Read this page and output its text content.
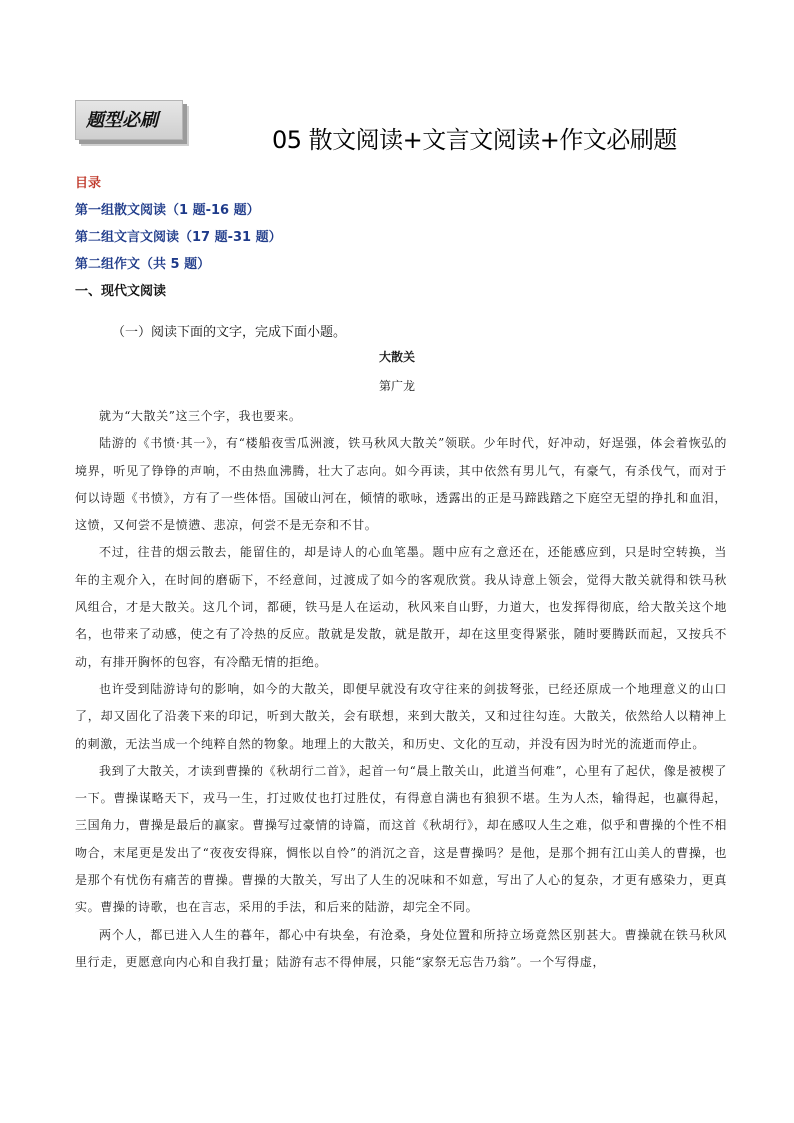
题型必刷
05 散文阅读+文言文阅读+作文必刷题
目录
第一组散文阅读（1 题-16 题）
第二组文言文阅读（17 题-31 题）
第二组作文（共 5 题）
一、现代文阅读
（一）阅读下面的文字，完成下面小题。
大散关
第广龙

就为“大散关”这三个字，我也要来。

陆游的《书愤·其一》，有“楼船夜雪瓜洲渡，铁马秋风大散关”领联。少年时代，好冲动，好逞强，体会着恢弘的境界，听见了铮铮的声响，不由热血沸腾，壮大了志向。如今再读，其中依然有男儿气，有豪气，有杀伐气，而对于何以诗题《书愤》，方有了一些体悟。国破山河在，倾情的歌咏，透露出的正是马蹄践踏之下庭空无望的挣扎和血泪，这愤，又何尝不是愤懑、悲凉，何尝不是无奈和不甘。

不过，往昔的烟云散去，能留住的，却是诗人的心血笔墨。题中应有之意还在，还能感应到，只是时空转换，当年的主观介入，在时间的磨砺下，不经意间，过渡成了如今的客观欣赏。我从诗意上领会，觉得大散关就得和铁马秋风组合，才是大散关。这几个词，都硬，铁马是人在运动，秋风来自山野，力道大，也发挥得彻底，给大散关这个地名，也带来了动感，使之有了冷热的反应。散就是发散，就是散开，却在这里变得紧张，随时要腾跃而起，又按兵不动，有排开胸怀的包容，有冷酷无情的拒绝。

也许受到陆游诗句的影响，如今的大散关，即便早就没有攻守往来的剑拔弩张，已经还原成一个地理意义的山口了，却又固化了沿袭下来的印记，听到大散关，会有联想，来到大散关，又和过往勾连。大散关，依然给人以精神上的刺激，无法当成一个纯粹自然的物象。地理上的大散关，和历史、文化的互动，并没有因为时光的流逝而停止。

我到了大散关，才读到曹操的《秋胡行二首》，起首一句“晨上散关山，此道当何难”，心里有了起伏，像是被楔了一下。曹操谋略天下，戎马一生，打过败仗也打过胜仗，有得意自满也有狼狈不堪。生为人杰，输得起，也赢得起，三国角力，曹操是最后的赢家。曹操写过豪情的诗篇，而这首《秋胡行》，却在感叹人生之难，似乎和曹操的个性不相吻合，末尾更是发出了“夜夜安得寐，惆怅以自怜”的消沉之音，这是曹操吗？是他，是那个拥有江山美人的曹操，也是那个有忧伤有痛苦的曹操。曹操的大散关，写出了人生的况味和不如意，写出了人心的复杂，才更有感染力，更真实。曹操的诗歌，也在言志，采用的手法，和后来的陆游，却完全不同。

两个人，都已进入人生的暮年，都心中有块垒，有沧桑，身处位置和所持立场竟然区别甚大。曹操就在铁马秋风里行走，更愿意向内心和自我打量；陆游有志不得伸展，只能“家祭无忘告乃翁”。一个写得虚，
